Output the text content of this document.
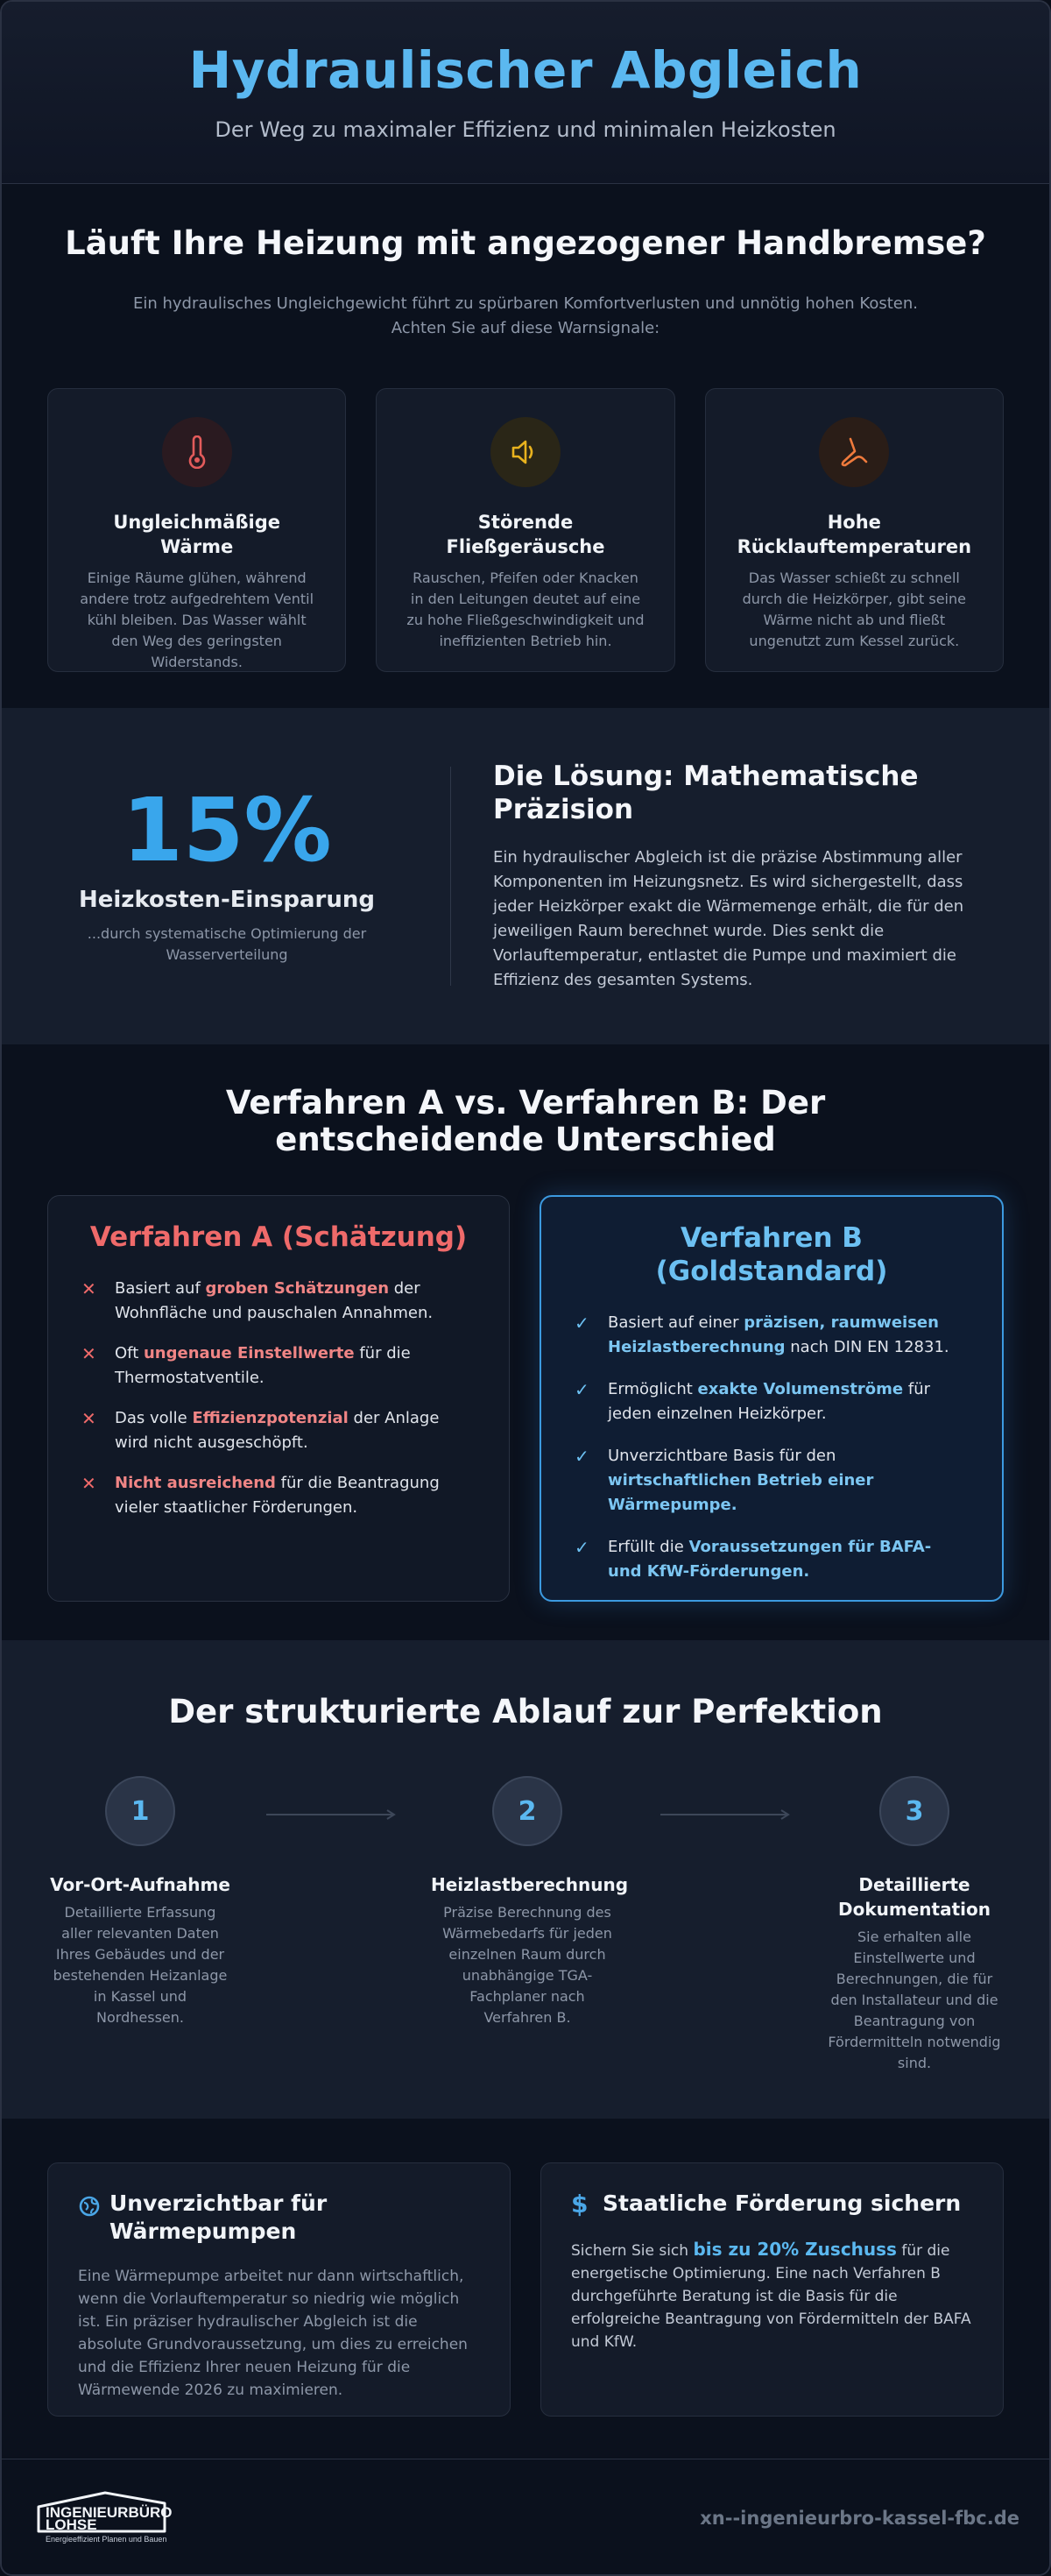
Hydraulischer Abgleich

Der Weg zu maximaler Effizienz und minimalen Heizkosten

Läuft Ihre Heizung mit angezogener Handbremse?

Ein hydraulisches Ungleichgewicht führt zu spürbaren Komfortverlusten und unnötig hohen Kosten. Achten Sie auf diese Warnsignale:

Ungleichmäßige Wärme

Einige Räume glühen, während andere trotz aufgedrehtem Ventil kühl bleiben. Das Wasser wählt den Weg des geringsten Widerstands.

Störende Fließgeräusche

Rauschen, Pfeifen oder Knacken in den Leitungen deutet auf eine zu hohe Fließgeschwindigkeit und ineffizienten Betrieb hin.

Hohe Rücklauftemperaturen

Das Wasser schießt zu schnell durch die Heizkörper, gibt seine Wärme nicht ab und fließt ungenutzt zum Kessel zurück.

15%
Heizkosten-Einsparung
...durch systematische Optimierung der Wasserverteilung
Die Lösung: Mathematische Präzision

Ein hydraulischer Abgleich ist die präzise Abstimmung aller Komponenten im Heizungsnetz. Es wird sichergestellt, dass jeder Heizkörper exakt die Wärmemenge erhält, die für den jeweiligen Raum berechnet wurde. Dies senkt die Vorlauftemperatur, entlastet die Pumpe und maximiert die Effizienz des gesamten Systems.

Verfahren A vs. Verfahren B: Der entscheidende Unterschied
Verfahren A (Schätzung)
✕	Basiert auf groben Schätzungen der Wohnfläche und pauschalen Annahmen.
✕	Oft ungenaue Einstellwerte für die Thermostatventile.
✕	Das volle Effizienzpotenzial der Anlage wird nicht ausgeschöpft.
✕	Nicht ausreichend für die Beantragung vieler staatlicher Förderungen.
Verfahren B (Goldstandard)
✓	Basiert auf einer präzisen, raumweisen Heizlastberechnung nach DIN EN 12831.
✓	Ermöglicht exakte Volumenströme für jeden einzelnen Heizkörper.
✓	Unverzichtbare Basis für den wirtschaftlichen Betrieb einer Wärmepumpe.
✓	Erfüllt die Voraussetzungen für BAFA- und KfW-Förderungen.
Der strukturierte Ablauf zur Perfektion
1
Vor-Ort-Aufnahme

Detaillierte Erfassung aller relevanten Daten Ihres Gebäudes und der bestehenden Heizanlage in Kassel und Nordhessen.

2
Heizlastberechnung

Präzise Berechnung des Wärmebedarfs für jeden einzelnen Raum durch unabhängige TGA-Fachplaner nach Verfahren B.

3
Detaillierte Dokumentation

Sie erhalten alle Einstellwerte und Berechnungen, die für den Installateur und die Beantragung von Fördermitteln notwendig sind.

Unverzichtbar für Wärmepumpen

Eine Wärmepumpe arbeitet nur dann wirtschaftlich, wenn die Vorlauftemperatur so niedrig wie möglich ist. Ein präziser hydraulischer Abgleich ist die absolute Grundvoraussetzung, um dies zu erreichen und die Effizienz Ihrer neuen Heizung für die Wärmewende 2026 zu maximieren.

$ Staatliche Förderung sichern

Sichern Sie sich bis zu 20% Zuschuss für die energetische Optimierung. Eine nach Verfahren B durchgeführte Beratung ist die Basis für die erfolgreiche Beantragung von Fördermitteln der BAFA und KfW.

INGENIEURBÜRO
LOHSE
Energieeffizient Planen und Bauen
xn--ingenieurbro-kassel-fbc.de
